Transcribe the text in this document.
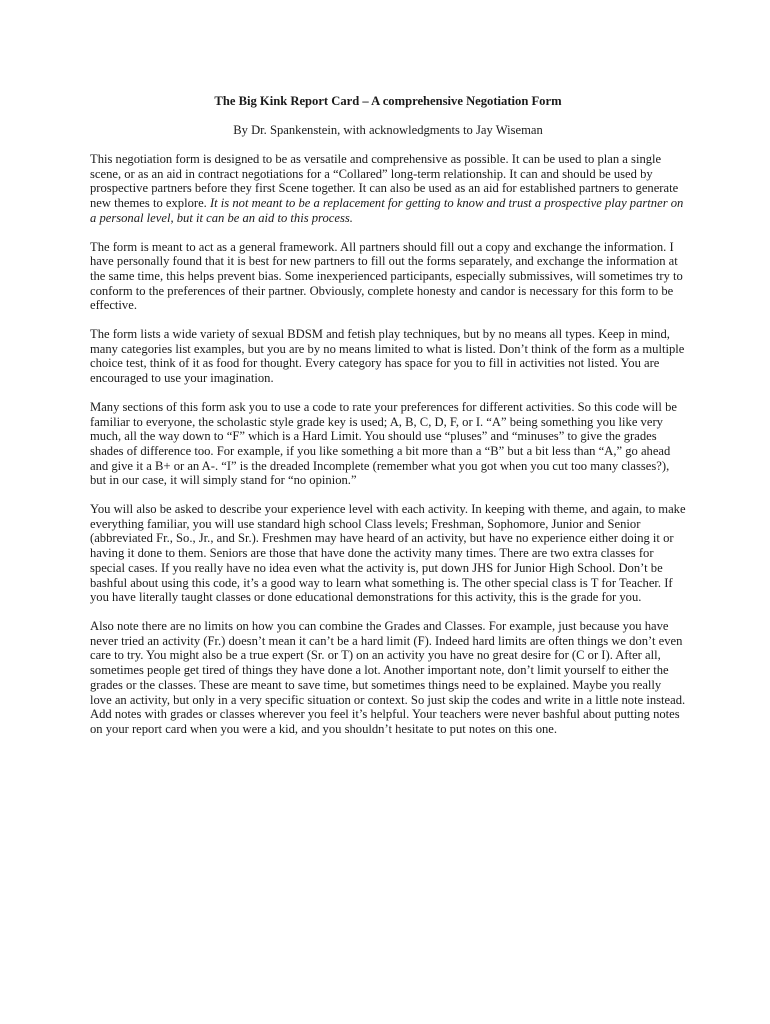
The Big Kink Report Card – A comprehensive Negotiation Form

By Dr. Spankenstein, with acknowledgments to Jay Wiseman

This negotiation form is designed to be as versatile and comprehensive as possible. It can be used to plan a single scene, or as an aid in contract negotiations for a “Collared” long-term relationship. It can and should be used by prospective partners before they first Scene together. It can also be used as an aid for established partners to generate new themes to explore. It is not meant to be a replacement for getting to know and trust a prospective play partner on a personal level, but it can be an aid to this process.

The form is meant to act as a general framework. All partners should fill out a copy and exchange the information. I have personally found that it is best for new partners to fill out the forms separately, and exchange the information at the same time, this helps prevent bias. Some inexperienced participants, especially submissives, will sometimes try to conform to the preferences of their partner. Obviously, complete honesty and candor is necessary for this form to be effective.

The form lists a wide variety of sexual BDSM and fetish play techniques, but by no means all types. Keep in mind, many categories list examples, but you are by no means limited to what is listed. Don’t think of the form as a multiple choice test, think of it as food for thought. Every category has space for you to fill in activities not listed. You are encouraged to use your imagination.

Many sections of this form ask you to use a code to rate your preferences for different activities. So this code will be familiar to everyone, the scholastic style grade key is used; A, B, C, D, F, or I. “A” being something you like very much, all the way down to “F” which is a Hard Limit. You should use “pluses” and “minuses” to give the grades shades of difference too. For example, if you like something a bit more than a “B” but a bit less than “A,” go ahead and give it a B+ or an A-. “I” is the dreaded Incomplete (remember what you got when you cut too many classes?), but in our case, it will simply stand for “no opinion.”

You will also be asked to describe your experience level with each activity. In keeping with theme, and again, to make everything familiar, you will use standard high school Class levels; Freshman, Sophomore, Junior and Senior (abbreviated Fr., So., Jr., and Sr.). Freshmen may have heard of an activity, but have no experience either doing it or having it done to them. Seniors are those that have done the activity many times. There are two extra classes for special cases. If you really have no idea even what the activity is, put down JHS for Junior High School. Don’t be bashful about using this code, it’s a good way to learn what something is. The other special class is T for Teacher. If you have literally taught classes or done educational demonstrations for this activity, this is the grade for you.

Also note there are no limits on how you can combine the Grades and Classes. For example, just because you have never tried an activity (Fr.) doesn’t mean it can’t be a hard limit (F). Indeed hard limits are often things we don’t even care to try. You might also be a true expert (Sr. or T) on an activity you have no great desire for (C or I). After all, sometimes people get tired of things they have done a lot. Another important note, don’t limit yourself to either the grades or the classes. These are meant to save time, but sometimes things need to be explained. Maybe you really love an activity, but only in a very specific situation or context. So just skip the codes and write in a little note instead. Add notes with grades or classes wherever you feel it’s helpful. Your teachers were never bashful about putting notes on your report card when you were a kid, and you shouldn’t hesitate to put notes on this one.
